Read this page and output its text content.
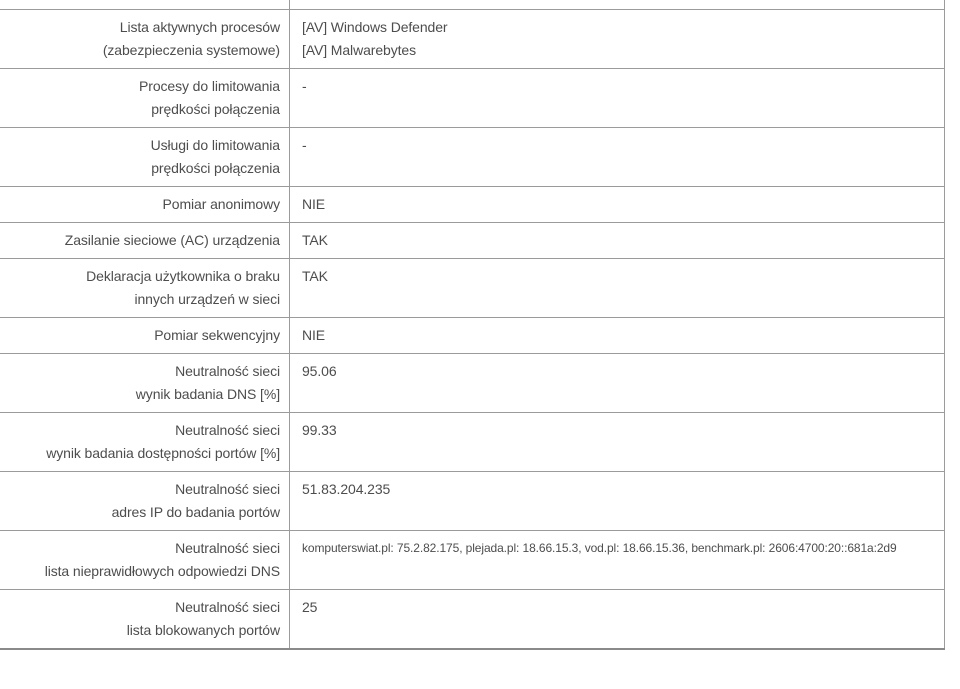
Lista aktywnych procesów
(zabezpieczenia systemowe)
[AV] Windows Defender
[AV] Malwarebytes
Procesy do limitowania
prędkości połączenia
-
Usługi do limitowania
prędkości połączenia
-
Pomiar anonimowy NIE
Zasilanie sieciowe (AC) urządzenia TAK
Deklaracja użytkownika o braku
innych urządzeń w sieci
TAK
Pomiar sekwencyjny NIE
Neutralność sieci
wynik badania DNS [%]
95.06
Neutralność sieci
wynik badania dostępności portów [%]
99.33
Neutralność sieci
adres IP do badania portów
51.83.204.235
Neutralność sieci
lista nieprawidłowych odpowiedzi DNS
komputerswiat.pl: 75.2.82.175, plejada.pl: 18.66.15.3, vod.pl: 18.66.15.36, benchmark.pl: 2606:4700:20::681a:2d9
Neutralność sieci
lista blokowanych portów
25
